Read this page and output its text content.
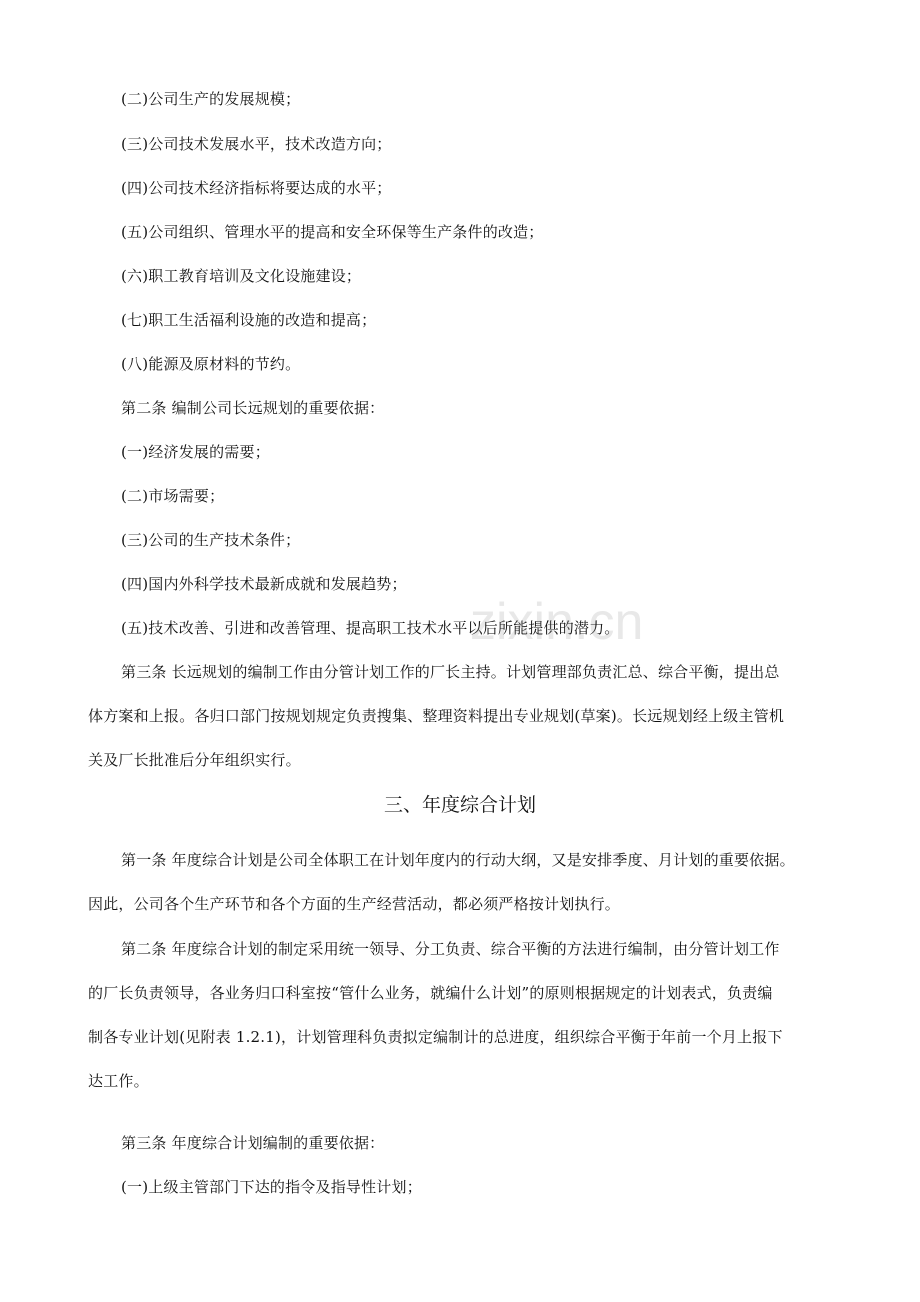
(二)公司生产的发展规模；
(三)公司技术发展水平，技术改造方向；
(四)公司技术经济指标将要达成的水平；
(五)公司组织、管理水平的提高和安全环保等生产条件的改造；
(六)职工教育培训及文化设施建设；
(七)职工生活福利设施的改造和提高；
(八)能源及原材料的节约。
第二条 编制公司长远规划的重要依据：
(一)经济发展的需要；
(二)市场需要；
(三)公司的生产技术条件；
(四)国内外科学技术最新成就和发展趋势；
(五)技术改善、引进和改善管理、提高职工技术水平以后所能提供的潜力。
第三条 长远规划的编制工作由分管计划工作的厂长主持。计划管理部负责汇总、综合平衡，提出总
体方案和上报。各归口部门按规划规定负责搜集、整理资料提出专业规划(草案)。长远规划经上级主管机
关及厂长批准后分年组织实行。
三、年度综合计划
第一条 年度综合计划是公司全体职工在计划年度内的行动大纲，又是安排季度、月计划的重要依据。
因此，公司各个生产环节和各个方面的生产经营活动，都必须严格按计划执行。
第二条 年度综合计划的制定采用统一领导、分工负责、综合平衡的方法进行编制，由分管计划工作
的厂长负责领导，各业务归口科室按“管什么业务，就编什么计划”的原则根据规定的计划表式，负责编
制各专业计划(见附表 1.2.1)，计划管理科负责拟定编制计的总进度，组织综合平衡于年前一个月上报下
达工作。
第三条 年度综合计划编制的重要依据：
(一)上级主管部门下达的指令及指导性计划；
zixin.cn
